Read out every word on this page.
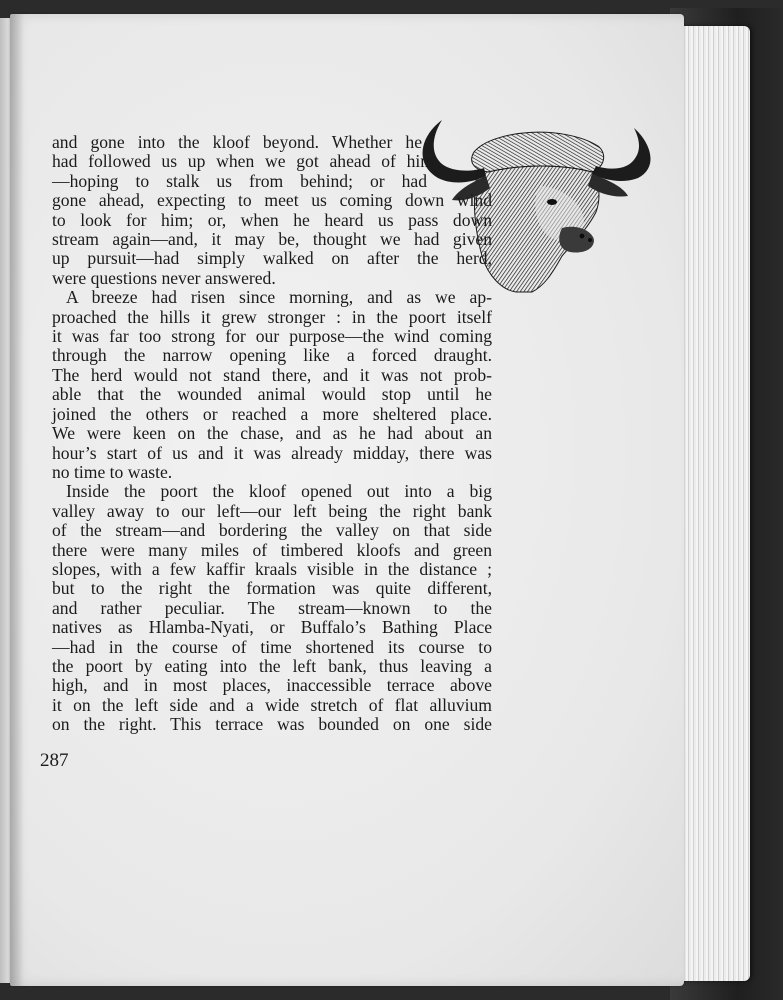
and gone into the kloof beyond. Whether he
had followed us up when we got ahead of him
—hoping to stalk us from behind; or had
gone ahead, expecting to meet us coming down wind
to look for him; or, when he heard us pass down
stream again—and, it may be, thought we had given
up pursuit—had simply walked on after the herd,
were questions never answered.
A breeze had risen since morning, and as we ap-
proached the hills it grew stronger : in the poort itself
it was far too strong for our purpose—the wind coming
through the narrow opening like a forced draught.
The herd would not stand there, and it was not prob-
able that the wounded animal would stop until he
joined the others or reached a more sheltered place.
We were keen on the chase, and as he had about an
hour’s start of us and it was already midday, there was
no time to waste.
Inside the poort the kloof opened out into a big
valley away to our left—our left being the right bank
of the stream—and bordering the valley on that side
there were many miles of timbered kloofs and green
slopes, with a few kaffir kraals visible in the distance ;
but to the right the formation was quite different,
and rather peculiar. The stream—known to the
natives as Hlamba-Nyati, or Buffalo’s Bathing Place
—had in the course of time shortened its course to
the poort by eating into the left bank, thus leaving a
high, and in most places, inaccessible terrace above
it on the left side and a wide stretch of flat alluvium
on the right. This terrace was bounded on one side
287
